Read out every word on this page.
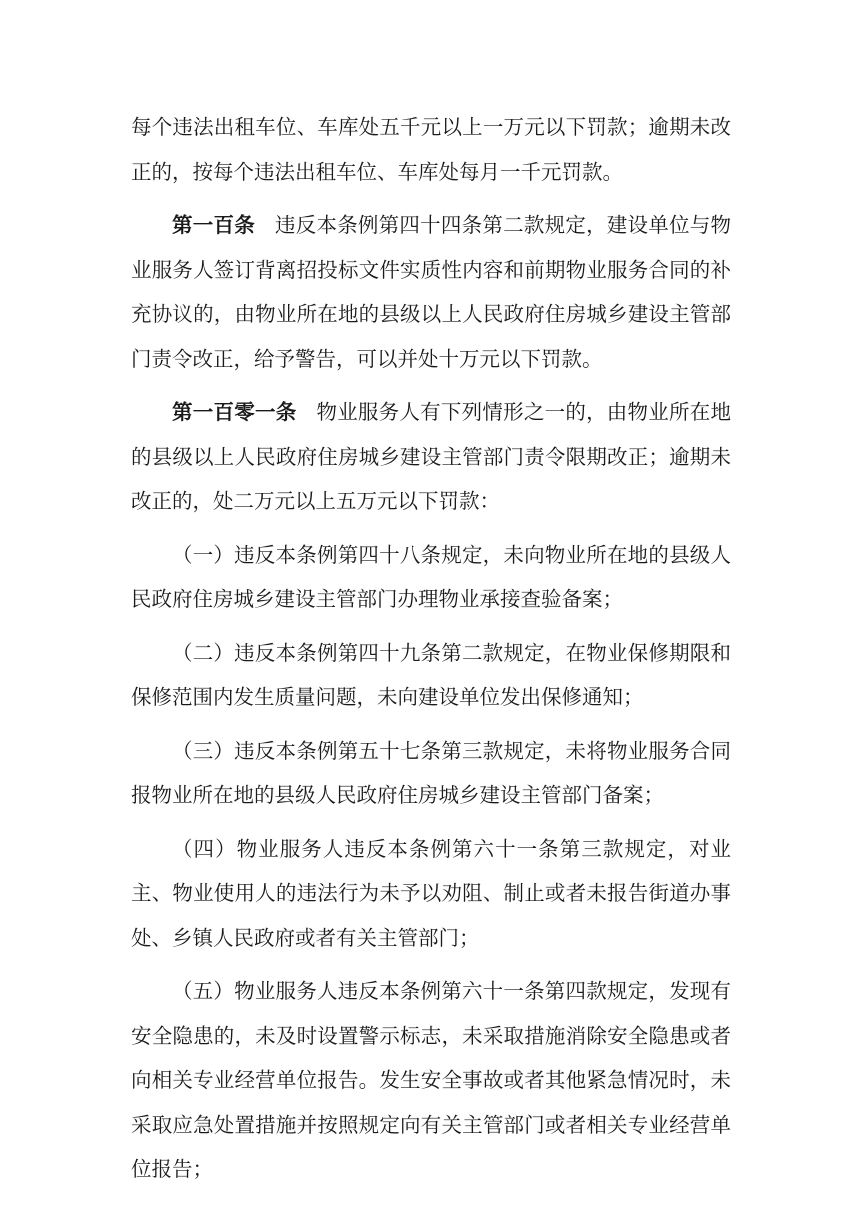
每个违法出租车位、车库处五千元以上一万元以下罚款；逾期未改正的，按每个违法出租车位、车库处每月一千元罚款。

第一百条 违反本条例第四十四条第二款规定，建设单位与物业服务人签订背离招投标文件实质性内容和前期物业服务合同的补充协议的，由物业所在地的县级以上人民政府住房城乡建设主管部门责令改正，给予警告，可以并处十万元以下罚款。

第一百零一条 物业服务人有下列情形之一的，由物业所在地的县级以上人民政府住房城乡建设主管部门责令限期改正；逾期未改正的，处二万元以上五万元以下罚款：

（一）违反本条例第四十八条规定，未向物业所在地的县级人民政府住房城乡建设主管部门办理物业承接查验备案；

（二）违反本条例第四十九条第二款规定，在物业保修期限和保修范围内发生质量问题，未向建设单位发出保修通知；

（三）违反本条例第五十七条第三款规定，未将物业服务合同报物业所在地的县级人民政府住房城乡建设主管部门备案；

（四）物业服务人违反本条例第六十一条第三款规定，对业主、物业使用人的违法行为未予以劝阻、制止或者未报告街道办事处、乡镇人民政府或者有关主管部门；

（五）物业服务人违反本条例第六十一条第四款规定，发现有安全隐患的，未及时设置警示标志，未采取措施消除安全隐患或者向相关专业经营单位报告。发生安全事故或者其他紧急情况时，未采取应急处置措施并按照规定向有关主管部门或者相关专业经营单位报告；
